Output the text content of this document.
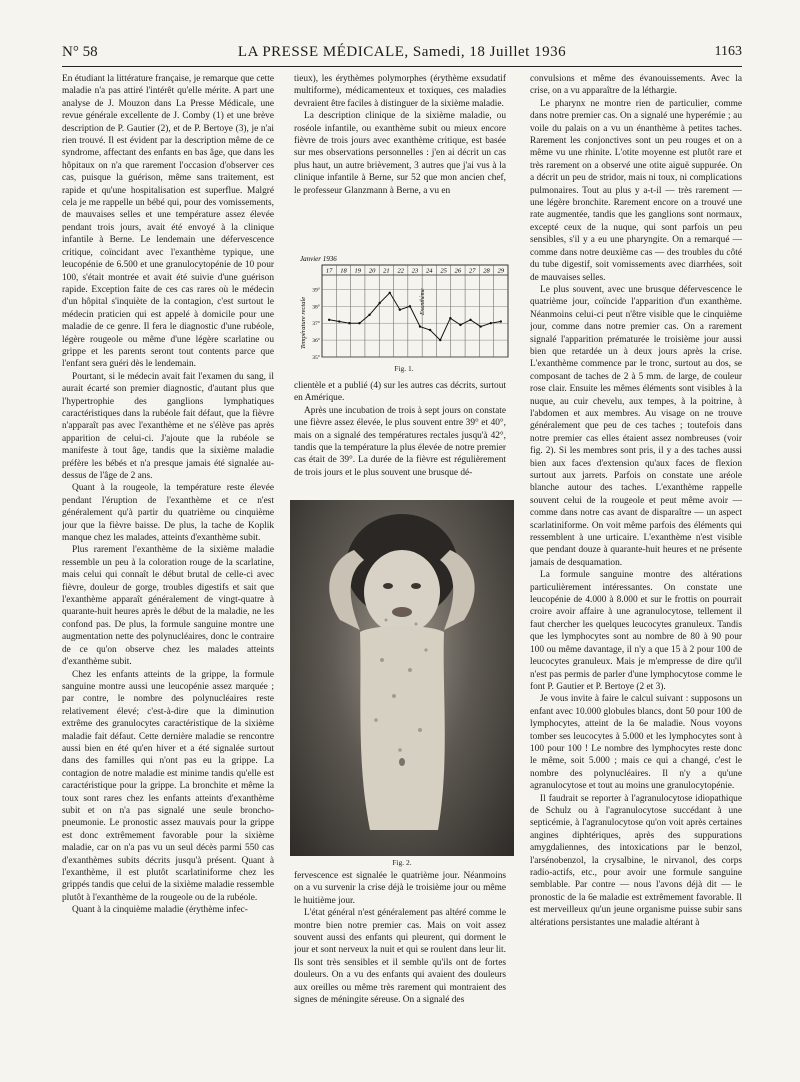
N° 58	LA PRESSE MÉDICALE, Samedi, 18 Juillet 1936	1163

En étudiant la littérature française, je remarque que cette maladie n'a pas attiré l'intérêt qu'elle mérite. A part une analyse de J. Mouzon dans La Presse Médicale, une revue générale excellente de J. Comby (1) et une brève description de P. Gautier (2), et de P. Bertoye (3), je n'ai rien trouvé. Il est évident par la description même de ce syndrome, affectant des enfants en bas âge, que dans les hôpitaux on n'a que rarement l'occasion d'observer ces cas, puisque la guérison, même sans traitement, est rapide et qu'une hospitalisation est superflue. Malgré cela je me rappelle un bébé qui, pour des vomissements, de mauvaises selles et une température assez élevée pendant trois jours, avait été envoyé à la clinique infantile à Berne. Le lendemain une défervescence critique, coïncidant avec l'exanthème typique, une leucopénie de 6.500 et une granulocytopénie de 10 pour 100, s'était montrée et avait été suivie d'une guérison rapide. Exception faite de ces cas rares où le médecin d'un hôpital s'inquiète de la contagion, c'est surtout le médecin praticien qui est appelé à domicile pour une maladie de ce genre. Il fera le diagnostic d'une rubéole, légère rougeole ou même d'une légère scarlatine ou grippe et les parents seront tout contents parce que l'enfant sera guéri dès le lendemain.

Pourtant, si le médecin avait fait l'examen du sang, il aurait écarté son premier diagnostic, d'autant plus que l'hypertrophie des ganglions lymphatiques caractéristiques dans la rubéole fait défaut, que la fièvre n'apparaît pas avec l'exanthème et ne s'élève pas après apparition de celui-ci. J'ajoute que la rubéole se manifeste à tout âge, tandis que la sixième maladie préfère les bébés et n'a presque jamais été signalée au-dessus de l'âge de 2 ans.

Quant à la rougeole, la température reste élevée pendant l'éruption de l'exanthème et ce n'est généralement qu'à partir du quatrième ou cinquième jour que la fièvre baisse. De plus, la tache de Koplik manque chez les malades, atteints d'exanthème subit.

Plus rarement l'exanthème de la sixième maladie ressemble un peu à la coloration rouge de la scarlatine, mais celui qui connaît le début brutal de celle-ci avec fièvre, douleur de gorge, troubles digestifs et sait que l'exanthème apparaît généralement de vingt-quatre à quarante-huit heures après le début de la maladie, ne les confond pas. De plus, la formule sanguine montre une augmentation nette des polynucléaires, donc le contraire de ce qu'on observe chez les malades atteints d'exanthème subit.

Chez les enfants atteints de la grippe, la formule sanguine montre aussi une leucopénie assez marquée ; par contre, le nombre des polynucléaires reste relativement élevé; c'est-à-dire que la diminution extrême des granulocytes caractéristique de la sixième maladie fait défaut. Cette dernière maladie se rencontre aussi bien en été qu'en hiver et a été signalée surtout dans des familles qui n'ont pas eu la grippe. La contagion de notre maladie est minime tandis qu'elle est caractéristique pour la grippe. La bronchite et même la toux sont rares chez les enfants atteints d'exanthème subit et on n'a pas signalé une seule broncho-pneumonie. Le pronostic assez mauvais pour la grippe est donc extrêmement favorable pour la sixième maladie, car on n'a pas vu un seul décès parmi 550 cas d'exanthèmes subits décrits jusqu'à présent. Quant à l'exanthème, il est plutôt scarlatiniforme chez les grippés tandis que celui de la sixième maladie ressemble plutôt à l'exanthème de la rougeole ou de la rubéole.

Quant à la cinquième maladie (érythème infec-

tieux), les érythèmes polymorphes (érythème exsudatif multiforme), médicamenteux et toxiques, ces maladies devraient être faciles à distinguer de la sixième maladie.

La description clinique de la sixième maladie, ou roséole infantile, ou exanthème subit ou mieux encore fièvre de trois jours avec exanthème critique, est basée sur mes observations personnelles : j'en ai décrit un cas plus haut, un autre brièvement, 3 autres que j'ai vus à la clinique infantile à Berne, sur 52 que mon ancien chef, le professeur Glanzmann à Berne, a vu en

Janvier 1936
Température rectale	Exanthème
17 18 19 20 21 22 23 24 25 26 27 28 29
39°
38°
37°
36°
35°
Fig. 1.

clientèle et a publié (4) sur les autres cas décrits, surtout en Amérique.

Après une incubation de trois à sept jours on constate une fièvre assez élevée, le plus souvent entre 39° et 40°, mais on a signalé des températures rectales jusqu'à 42°, tandis que la température la plus élevée de notre premier cas était de 39°. La durée de la fièvre est régulièrement de trois jours et le plus souvent une brusque dé-

Fig. 2.

fervescence est signalée le quatrième jour. Néanmoins on a vu survenir la crise déjà le troisième jour ou même le huitième jour.

L'état général n'est généralement pas altéré comme le montre bien notre premier cas. Mais on voit assez souvent aussi des enfants qui pleurent, qui dorment le jour et sont nerveux la nuit et qui se roulent dans leur lit. Ils sont très sensibles et il semble qu'ils ont de fortes douleurs. On a vu des enfants qui avaient des douleurs aux oreilles ou même très rarement qui montraient des signes de méningite séreuse. On a signalé des

convulsions et même des évanouissements. Avec la crise, on a vu apparaître de la léthargie.

Le pharynx ne montre rien de particulier, comme dans notre premier cas. On a signalé une hyperémie ; au voile du palais on a vu un énanthème à petites taches. Rarement les conjonctives sont un peu rouges et on a même vu une rhinite. L'otite moyenne est plutôt rare et très rarement on a observé une otite aiguë suppurée. On a décrit un peu de stridor, mais ni toux, ni complications pulmonaires. Tout au plus y a-t-il — très rarement — une légère bronchite. Rarement encore on a trouvé une rate augmentée, tandis que les ganglions sont normaux, excepté ceux de la nuque, qui sont parfois un peu sensibles, s'il y a eu une pharyngite. On a remarqué — comme dans notre deuxième cas — des troubles du côté du tube digestif, soit vomissements avec diarrhées, soit de mauvaises selles.

Le plus souvent, avec une brusque défervescence le quatrième jour, coïncide l'apparition d'un exanthème. Néanmoins celui-ci peut n'être visible que le cinquième jour, comme dans notre premier cas. On a rarement signalé l'apparition prématurée le troisième jour aussi bien que retardée un à deux jours après la crise. L'exanthème commence par le tronc, surtout au dos, se composant de taches de 2 à 5 mm. de large, de couleur rose clair. Ensuite les mêmes éléments sont visibles à la nuque, au cuir chevelu, aux tempes, à la poitrine, à l'abdomen et aux membres. Au visage on ne trouve généralement que peu de ces taches ; toutefois dans notre premier cas elles étaient assez nombreuses (voir fig. 2). Si les membres sont pris, il y a des taches aussi bien aux faces d'extension qu'aux faces de flexion surtout aux jarrets. Parfois on constate une aréole blanche autour des taches. L'exanthème rappelle souvent celui de la rougeole et peut même avoir — comme dans notre cas avant de disparaître — un aspect scarlatiniforme. On voit même parfois des éléments qui ressemblent à une urticaire. L'exanthème n'est visible que pendant douze à quarante-huit heures et ne présente jamais de desquamation.

La formule sanguine montre des altérations particulièrement intéressantes. On constate une leucopénie de 4.000 à 8.000 et sur le frottis on pourrait croire avoir affaire à une agranulocytose, tellement il faut chercher les quelques leucocytes granuleux. Tandis que les lymphocytes sont au nombre de 80 à 90 pour 100 ou même davantage, il n'y a que 15 à 2 pour 100 de leucocytes granuleux. Mais je m'empresse de dire qu'il n'est pas permis de parler d'une lymphocytose comme le font P. Gautier et P. Bertoye (2 et 3).

Je vous invite à faire le calcul suivant : supposons un enfant avec 10.000 globules blancs, dont 50 pour 100 de lymphocytes, atteint de la 6e maladie. Nous voyons tomber ses leucocytes à 5.000 et les lymphocytes sont à 100 pour 100 ! Le nombre des lymphocytes reste donc le même, soit 5.000 ; mais ce qui a changé, c'est le nombre des polynucléaires. Il n'y a qu'une agranulocytose et tout au moins une granulocytopénie.

Il faudrait se reporter à l'agranulocytose idiopathique de Schulz ou à l'agranulocytose succédant à une septicémie, à l'agranulocytose qu'on voit après certaines angines diphtériques, après des suppurations amygdaliennes, des intoxications par le benzol, l'arsénobenzol, la crysalbine, le nirvanol, des corps radio-actifs, etc., pour avoir une formule sanguine semblable. Par contre — nous l'avons déjà dit — le pronostic de la 6e maladie est extrêmement favorable. Il est merveilleux qu'un jeune organisme puisse subir sans altérations persistantes une maladie altérant à
